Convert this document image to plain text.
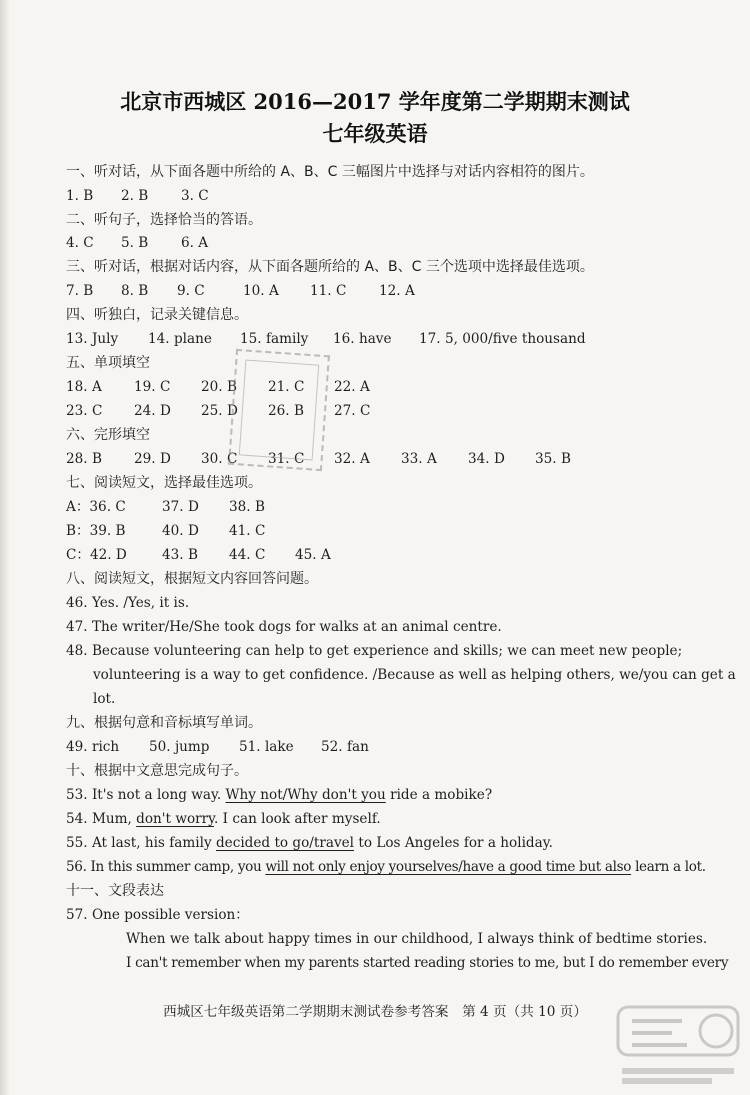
北京市西城区 2016—2017 学年度第二学期期末测试
七年级英语
一、听对话，从下面各题中所给的 A、B、C 三幅图片中选择与对话内容相符的图片。
1. B 2. B 3. C
二、听句子，选择恰当的答语。
4. C 5. B 6. A
三、听对话，根据对话内容，从下面各题所给的 A、B、C 三个选项中选择最佳选项。
7. B 8. B 9. C	10. A 11. C 12. A
四、听独白，记录关键信息。
13. July 14. plane 15. family 16. have 17. 5, 000/five thousand
五、单项填空
18. A 19. C 20. B 21. C 22. A
23. C 24. D 25. D 26. B 27. C
六、完形填空
28. B 29. D 30. C 31. C 32. A 33. A 34. D 35. B
七、阅读短文，选择最佳选项。
A：36. C	37. D 38. B
B：39. B	40. D 41. C
C：42. D	43. B 44. C 45. A
八、阅读短文，根据短文内容回答问题。
46. Yes. /Yes, it is.
47. The writer/He/She took dogs for walks at an animal centre.
48. Because volunteering can help to get experience and skills; we can meet new people;
volunteering is a way to get confidence. /Because as well as helping others, we/you can get a
lot.
九、根据句意和音标填写单词。
49. rich 50. jump 51. lake 52. fan
十、根据中文意思完成句子。
53. It's not a long way. Why not/Why don't you ride a mobike?
54. Mum, don't worry. I can look after myself.
55. At last, his family decided to go/travel to Los Angeles for a holiday.
56. In this summer camp, you will not only enjoy yourselves/have a good time but also learn a lot.
十一、文段表达
57. One possible version：
When we talk about happy times in our childhood, I always think of bedtime stories.
I can't remember when my parents started reading stories to me, but I do remember every
西城区七年级英语第二学期期末测试卷参考答案　第 4 页（共 10 页）
